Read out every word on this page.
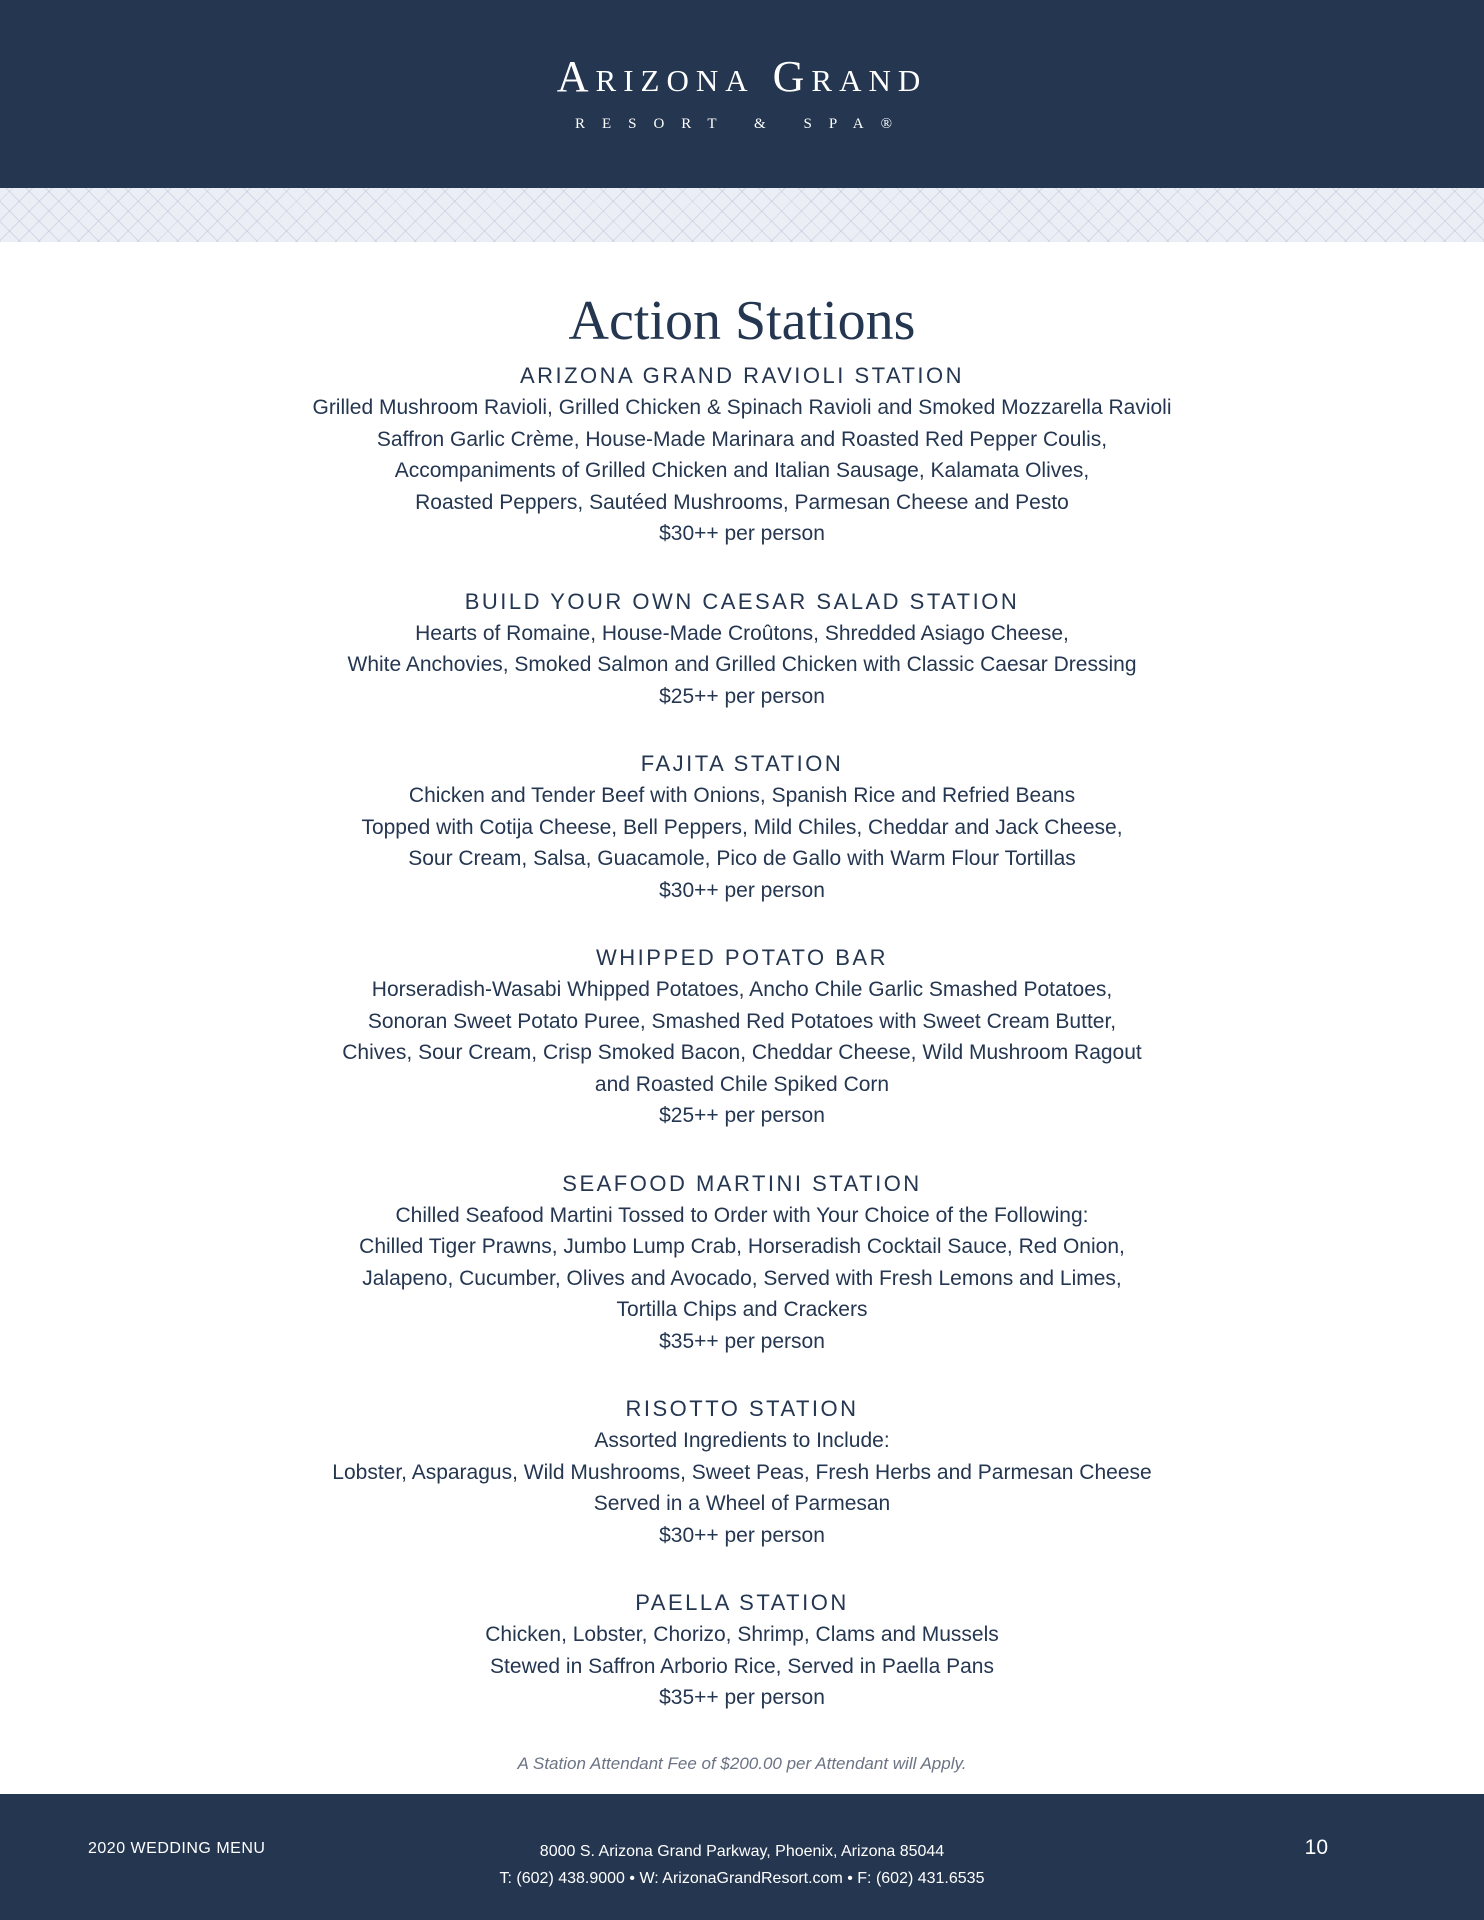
Arizona Grand
RESORT & SPA®
Action Stations
ARIZONA GRAND RAVIOLI STATION
Grilled Mushroom Ravioli, Grilled Chicken & Spinach Ravioli and Smoked Mozzarella Ravioli
Saffron Garlic Crème, House-Made Marinara and Roasted Red Pepper Coulis,
Accompaniments of Grilled Chicken and Italian Sausage, Kalamata Olives,
Roasted Peppers, Sautéed Mushrooms, Parmesan Cheese and Pesto
$30++ per person
BUILD YOUR OWN CAESAR SALAD STATION
Hearts of Romaine, House-Made Croûtons, Shredded Asiago Cheese,
White Anchovies, Smoked Salmon and Grilled Chicken with Classic Caesar Dressing
$25++ per person
FAJITA STATION
Chicken and Tender Beef with Onions, Spanish Rice and Refried Beans
Topped with Cotija Cheese, Bell Peppers, Mild Chiles, Cheddar and Jack Cheese,
Sour Cream, Salsa, Guacamole, Pico de Gallo with Warm Flour Tortillas
$30++ per person
WHIPPED POTATO BAR
Horseradish-Wasabi Whipped Potatoes, Ancho Chile Garlic Smashed Potatoes,
Sonoran Sweet Potato Puree, Smashed Red Potatoes with Sweet Cream Butter,
Chives, Sour Cream, Crisp Smoked Bacon, Cheddar Cheese, Wild Mushroom Ragout
and Roasted Chile Spiked Corn
$25++ per person
SEAFOOD MARTINI STATION
Chilled Seafood Martini Tossed to Order with Your Choice of the Following:
Chilled Tiger Prawns, Jumbo Lump Crab, Horseradish Cocktail Sauce, Red Onion,
Jalapeno, Cucumber, Olives and Avocado, Served with Fresh Lemons and Limes,
Tortilla Chips and Crackers
$35++ per person
RISOTTO STATION
Assorted Ingredients to Include:
Lobster, Asparagus, Wild Mushrooms, Sweet Peas, Fresh Herbs and Parmesan Cheese
Served in a Wheel of Parmesan
$30++ per person
PAELLA STATION
Chicken, Lobster, Chorizo, Shrimp, Clams and Mussels
Stewed in Saffron Arborio Rice, Served in Paella Pans
$35++ per person
A Station Attendant Fee of $200.00 per Attendant will Apply.
2020 WEDDING MENU	8000 S. Arizona Grand Parkway, Phoenix, Arizona 85044
T: (602) 438.9000 • W: ArizonaGrandResort.com • F: (602) 431.6535
10
